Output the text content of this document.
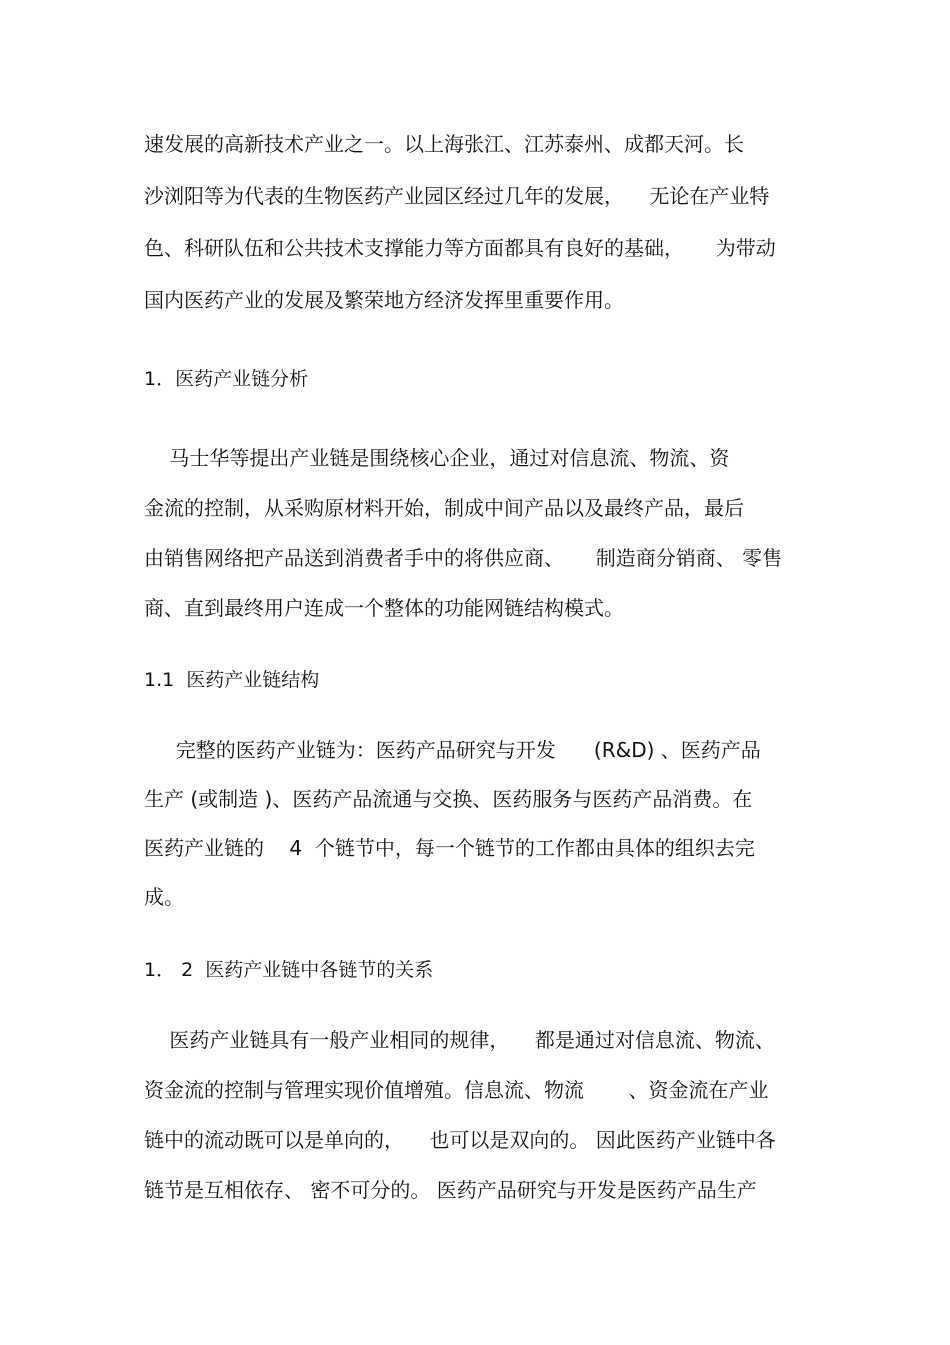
速发展的高新技术产业之一。以上海张江、江苏泰州、成都天河。长
沙浏阳等为代表的生物医药产业园区经过几年的发展，    无论在产业特
色、科研队伍和公共技术支撑能力等方面都具有良好的基础，     为带动
国内医药产业的发展及繁荣地方经济发挥里重要作用。
1．医药产业链分析
马士华等提出产业链是围绕核心企业，通过对信息流、物流、资
金流的控制，从采购原材料开始，制成中间产品以及最终产品，最后
由销售网络把产品送到消费者手中的将供应商、     制造商分销商、 零售
商、直到最终用户连成一个整体的功能网链结构模式。
1.1  医药产业链结构
完整的医药产业链为：医药产品研究与开发      (R&D) 、医药产品
生产 (或制造 )、医药产品流通与交换、医药服务与医药产品消费。在
医药产业链的    4  个链节中，每一个链节的工作都由具体的组织去完
成。
1． 2  医药产业链中各链节的关系
医药产业链具有一般产业相同的规律，    都是通过对信息流、物流、
资金流的控制与管理实现价值增殖。信息流、物流       、资金流在产业
链中的流动既可以是单向的，    也可以是双向的。 因此医药产业链中各
链节是互相依存、 密不可分的。 医药产品研究与开发是医药产品生产
